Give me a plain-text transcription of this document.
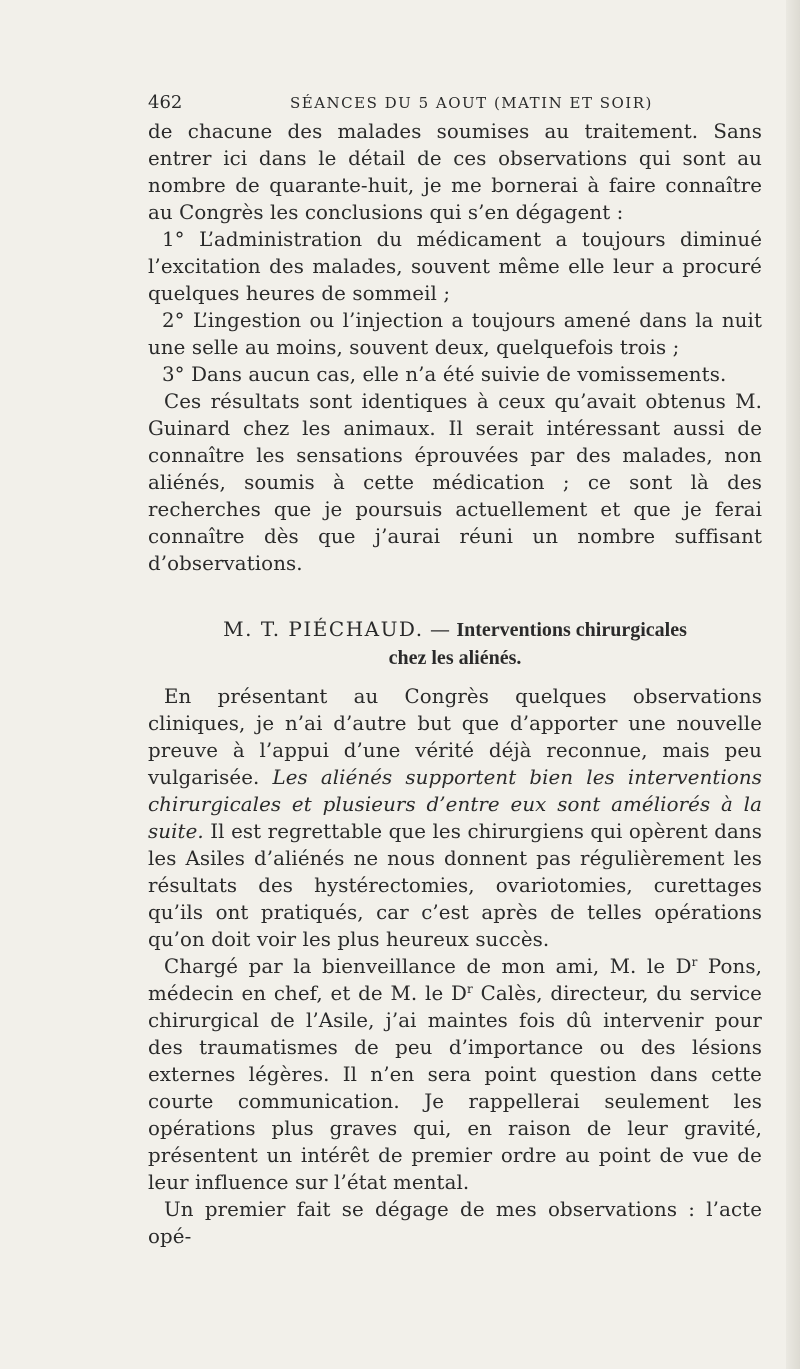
462	SÉANCES DU 5 AOUT (MATIN ET SOIR)

de chacune des malades soumises au traitement. Sans entrer ici dans le détail de ces observations qui sont au nombre de quarante-huit, je me bornerai à faire connaître au Congrès les conclusions qui s’en dégagent :

1° L’administration du médicament a toujours diminué l’excitation des malades, souvent même elle leur a procuré quelques heures de sommeil ;

2° L’ingestion ou l’injection a toujours amené dans la nuit une selle au moins, souvent deux, quelquefois trois ;

3° Dans aucun cas, elle n’a été suivie de vomissements.

Ces résultats sont identiques à ceux qu’avait obtenus M. Guinard chez les animaux. Il serait intéressant aussi de connaître les sensations éprouvées par des malades, non aliénés, soumis à cette médication ; ce sont là des recherches que je poursuis actuellement et que je ferai connaître dès que j’aurai réuni un nombre suffisant d’observations.

M. T. PIÉCHAUD. — Interventions chirurgicales
chez les aliénés.

En présentant au Congrès quelques observations cliniques, je n’ai d’autre but que d’apporter une nouvelle preuve à l’appui d’une vérité déjà reconnue, mais peu vulgarisée. Les aliénés supportent bien les interventions chirurgicales et plusieurs d’entre eux sont améliorés à la suite. Il est regrettable que les chirurgiens qui opèrent dans les Asiles d’aliénés ne nous donnent pas régulièrement les résultats des hystérectomies, ovariotomies, curettages qu’ils ont pratiqués, car c’est après de telles opérations qu’on doit voir les plus heureux succès.

Chargé par la bienveillance de mon ami, M. le $D^r$ Pons, médecin en chef, et de M. le $D^r$ Calès, directeur, du service chirurgical de l’Asile, j’ai maintes fois dû intervenir pour des traumatismes de peu d’importance ou des lésions externes légères. Il n’en sera point question dans cette courte communication. Je rappellerai seulement les opérations plus graves qui, en raison de leur gravité, présentent un intérêt de premier ordre au point de vue de leur influence sur l’état mental.

Un premier fait se dégage de mes observations : l’acte opé-
